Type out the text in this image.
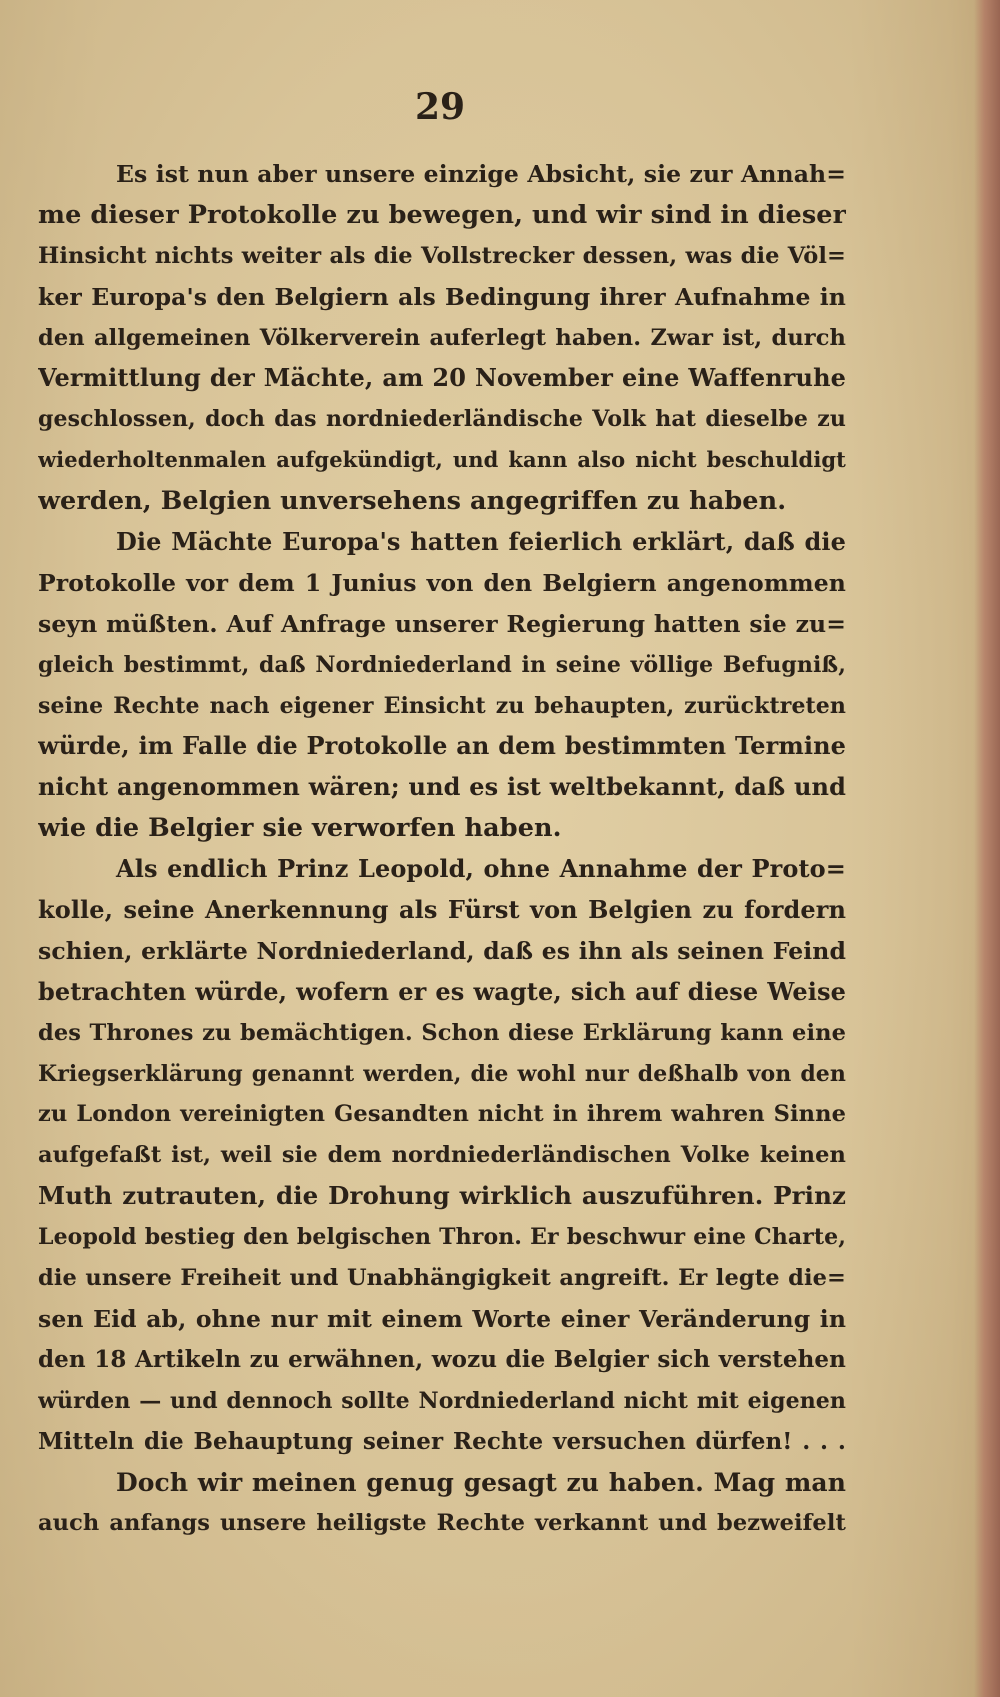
29
Es ist nun aber unsere einzige Absicht, sie zur Annah=
me dieser Protokolle zu bewegen, und wir sind in dieser
Hinsicht nichts weiter als die Vollstrecker dessen, was die Völ=
ker Europa's den Belgiern als Bedingung ihrer Aufnahme in
den allgemeinen Völkerverein auferlegt haben. Zwar ist, durch
Vermittlung der Mächte, am 20 November eine Waffenruhe
geschlossen, doch das nordniederländische Volk hat dieselbe zu
wiederholtenmalen aufgekündigt, und kann also nicht beschuldigt
werden, Belgien unversehens angegriffen zu haben.
Die Mächte Europa's hatten feierlich erklärt, daß die
Protokolle vor dem 1 Junius von den Belgiern angenommen
seyn müßten. Auf Anfrage unserer Regierung hatten sie zu=
gleich bestimmt, daß Nordniederland in seine völlige Befugniß,
seine Rechte nach eigener Einsicht zu behaupten, zurücktreten
würde, im Falle die Protokolle an dem bestimmten Termine
nicht angenommen wären; und es ist weltbekannt, daß und
wie die Belgier sie verworfen haben.
Als endlich Prinz Leopold, ohne Annahme der Proto=
kolle, seine Anerkennung als Fürst von Belgien zu fordern
schien, erklärte Nordniederland, daß es ihn als seinen Feind
betrachten würde, wofern er es wagte, sich auf diese Weise
des Thrones zu bemächtigen. Schon diese Erklärung kann eine
Kriegserklärung genannt werden, die wohl nur deßhalb von den
zu London vereinigten Gesandten nicht in ihrem wahren Sinne
aufgefaßt ist, weil sie dem nordniederländischen Volke keinen
Muth zutrauten, die Drohung wirklich auszuführen. Prinz
Leopold bestieg den belgischen Thron. Er beschwur eine Charte,
die unsere Freiheit und Unabhängigkeit angreift. Er legte die=
sen Eid ab, ohne nur mit einem Worte einer Veränderung in
den 18 Artikeln zu erwähnen, wozu die Belgier sich verstehen
würden — und dennoch sollte Nordniederland nicht mit eigenen
Mitteln die Behauptung seiner Rechte versuchen dürfen! . . .
Doch wir meinen genug gesagt zu haben. Mag man
auch anfangs unsere heiligste Rechte verkannt und bezweifelt
